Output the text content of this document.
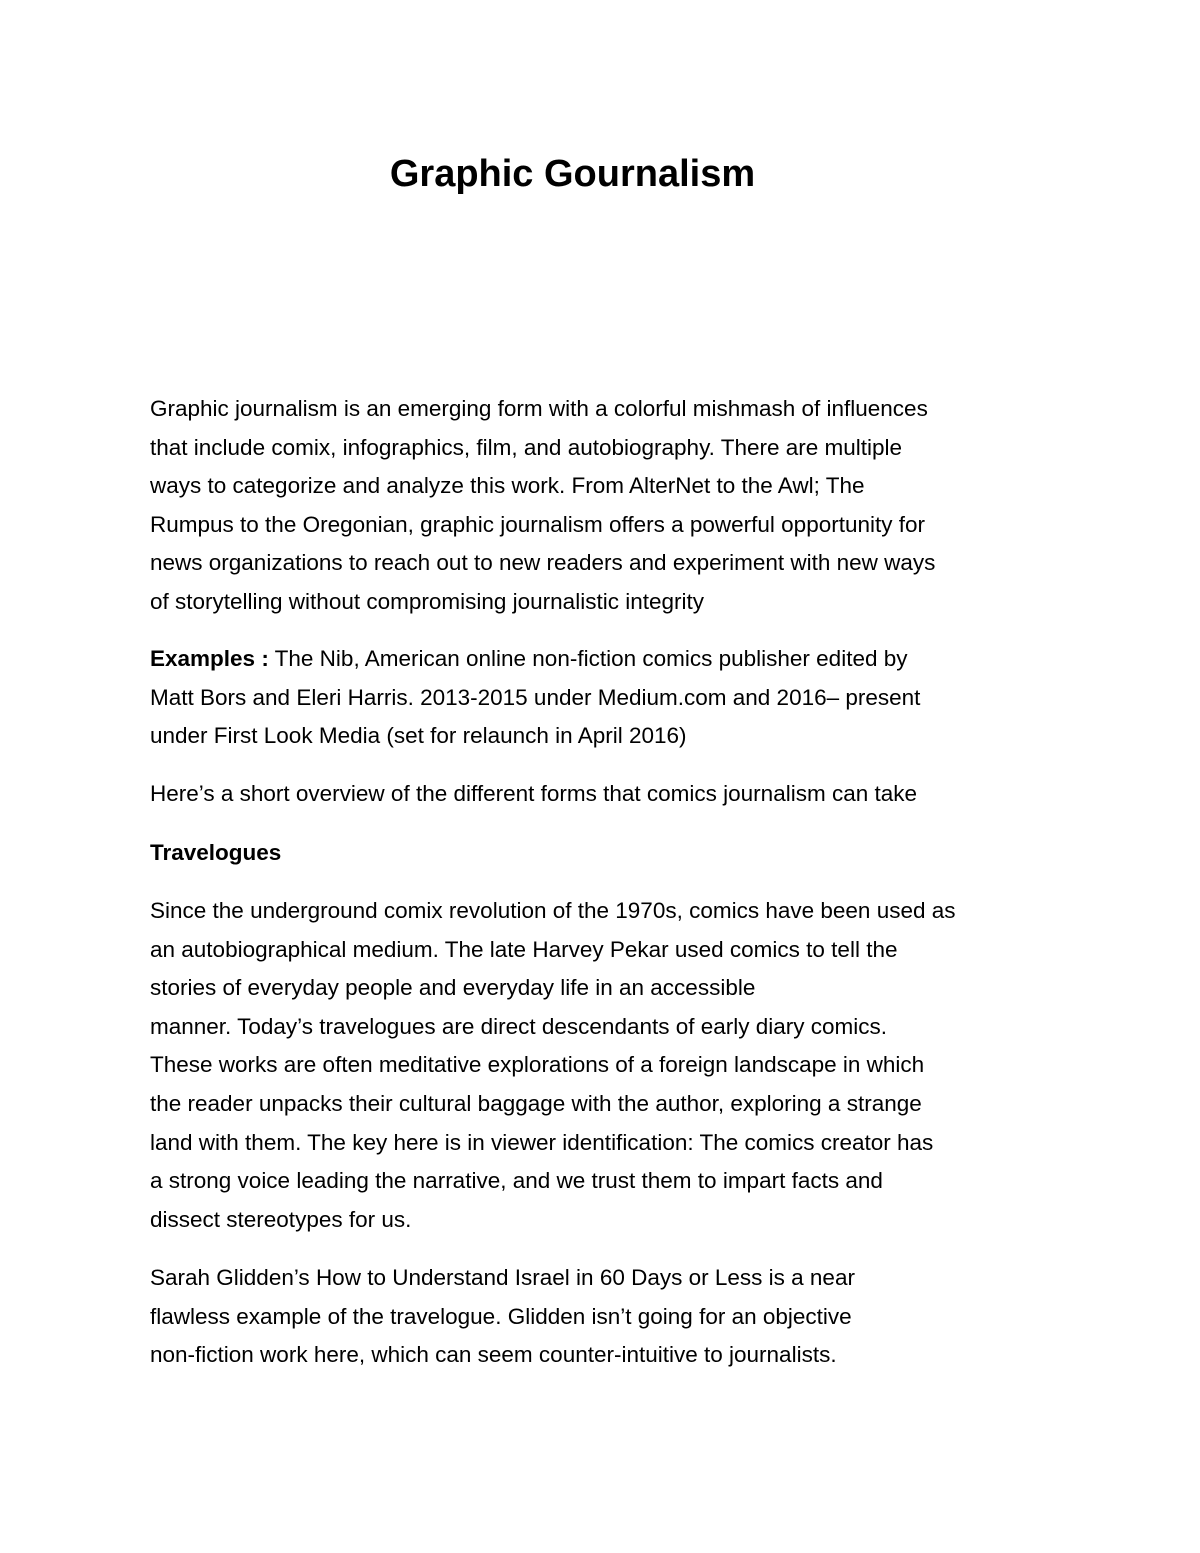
Graphic Gournalism

Graphic journalism is an emerging form with a colorful mishmash of influences
that include comix, infographics, film, and autobiography. There are multiple
ways to categorize and analyze this work. From AlterNet to the Awl; The
Rumpus to the Oregonian, graphic journalism offers a powerful opportunity for
news organizations to reach out to new readers and experiment with new ways
of storytelling without compromising journalistic integrity

Examples : The Nib, American online non-fiction comics publisher edited by
Matt Bors and Eleri Harris. 2013-2015 under Medium.com and 2016– present
under First Look Media (set for relaunch in April 2016)

Here’s a short overview of the different forms that comics journalism can take

Travelogues

Since the underground comix revolution of the 1970s, comics have been used as
an autobiographical medium. The late Harvey Pekar used comics to tell the
stories of everyday people and everyday life in an accessible
manner. Today’s travelogues are direct descendants of early diary comics.
These works are often meditative explorations of a foreign landscape in which
the reader unpacks their cultural baggage with the author, exploring a strange
land with them. The key here is in viewer identification: The comics creator has
a strong voice leading the narrative, and we trust them to impart facts and
dissect stereotypes for us.

Sarah Glidden’s How to Understand Israel in 60 Days or Less is a near
flawless example of the travelogue. Glidden isn’t going for an objective
non-fiction work here, which can seem counter-intuitive to journalists.
